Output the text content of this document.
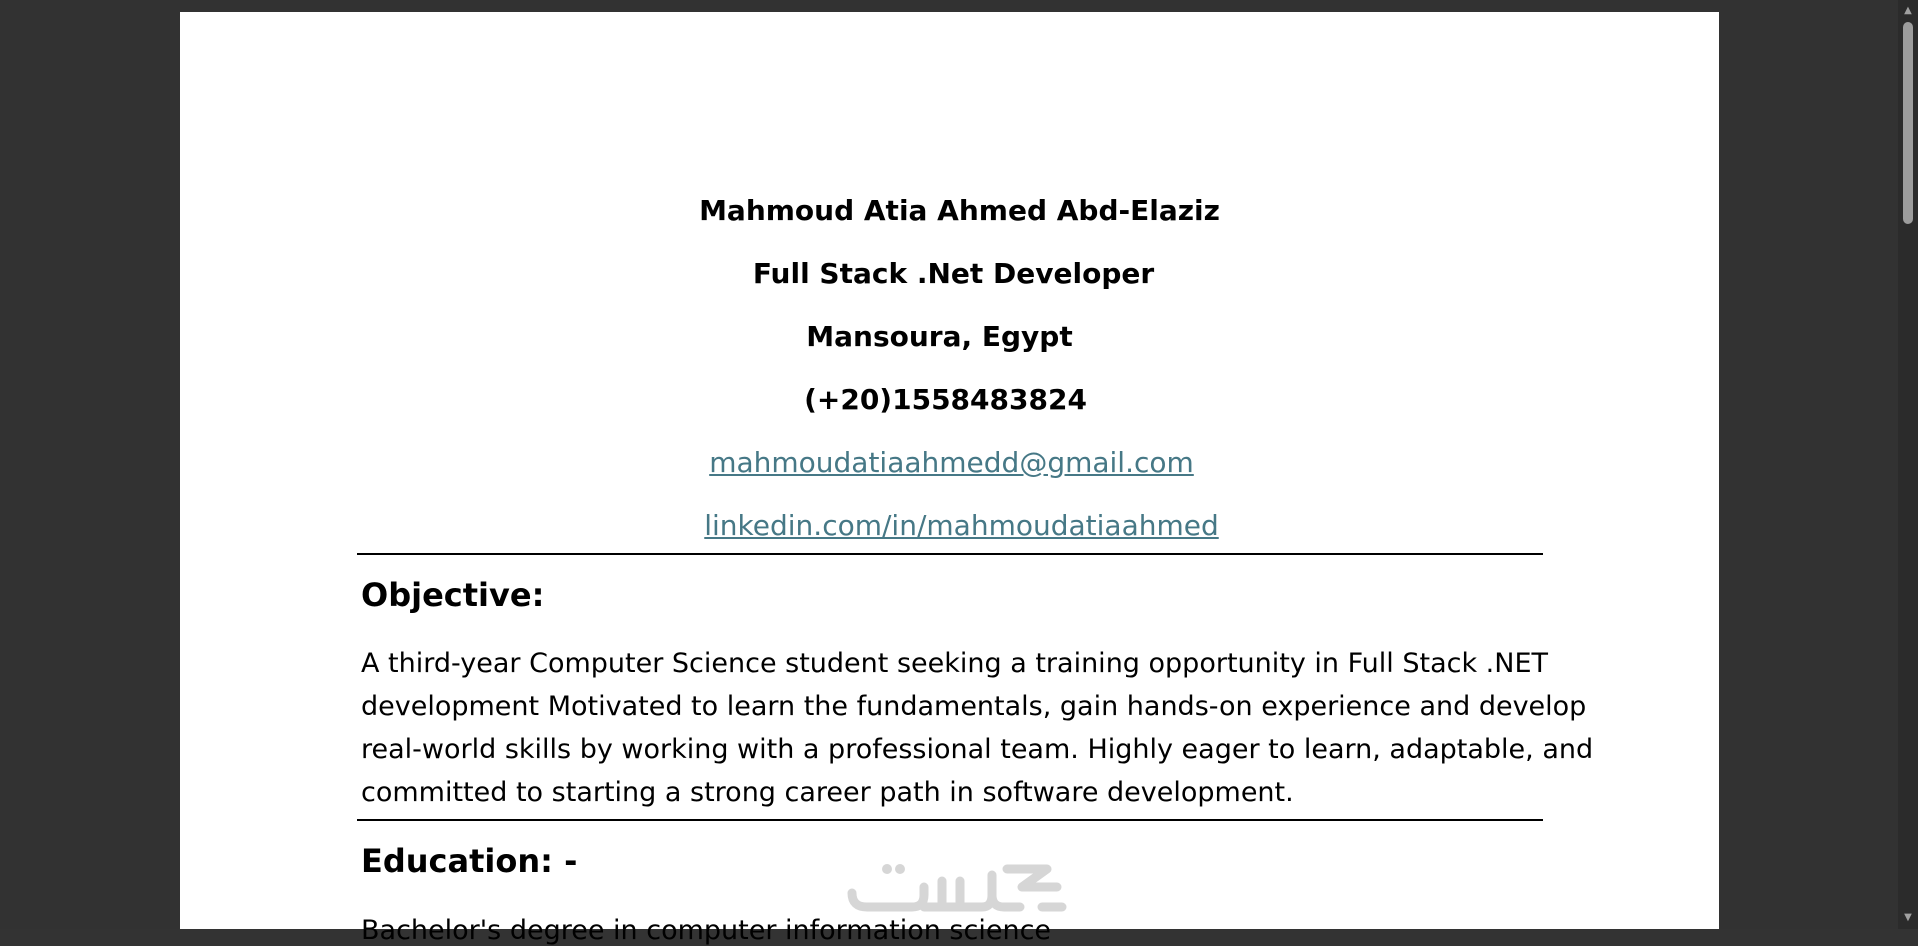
Mahmoud Atia Ahmed Abd-Elaziz
Full Stack .Net Developer
Mansoura, Egypt
(+20)1558483824
mahmoudatiaahmedd@gmail.com
linkedin.com/in/mahmoudatiaahmed
Objective:
A third-year Computer Science student seeking a training opportunity in Full Stack .NET
development Motivated to learn the fundamentals, gain hands-on experience and develop
real-world skills by working with a professional team. Highly eager to learn, adaptable, and
committed to starting a strong career path in software development.
Education: -
Bachelor's degree in computer information science
▲
▼
